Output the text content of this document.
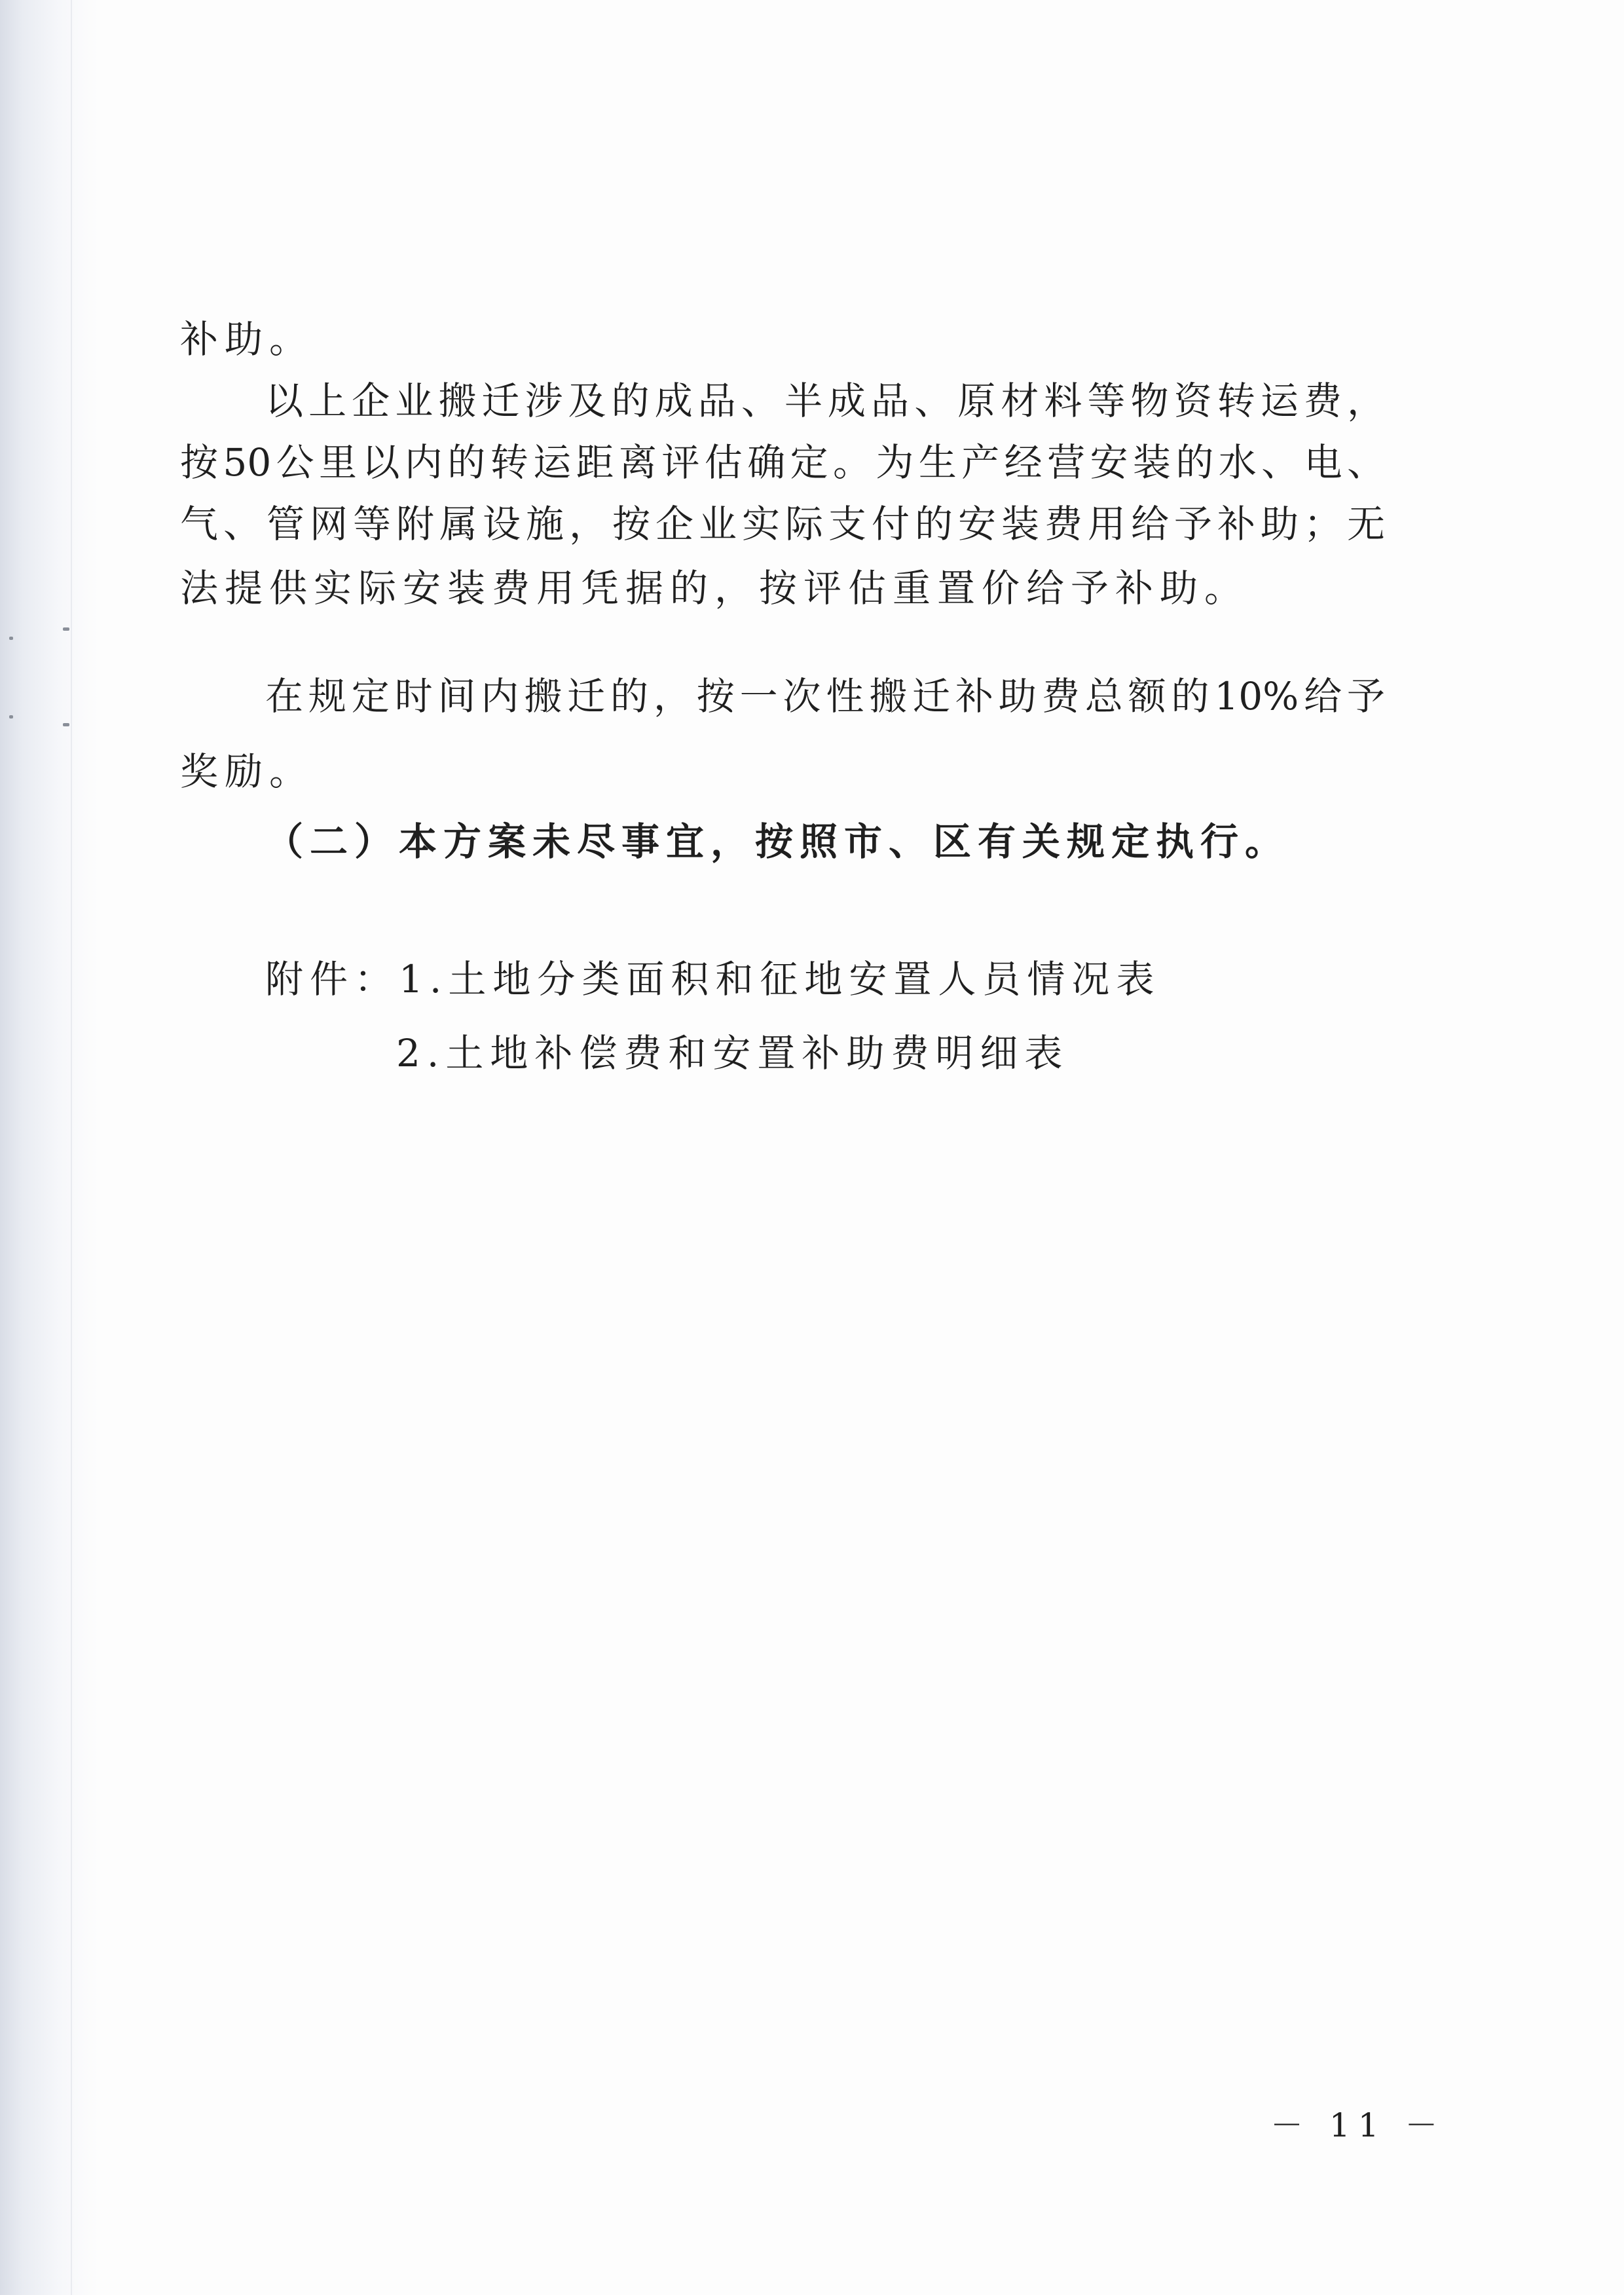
补助。

以上企业搬迁涉及的成品、半成品、原材料等物资转运费，

按50公里以内的转运距离评估确定。为生产经营安装的水、电、

气、管网等附属设施，按企业实际支付的安装费用给予补助；无

法提供实际安装费用凭据的，按评估重置价给予补助。

在规定时间内搬迁的，按一次性搬迁补助费总额的10%给予

奖励。

（二）本方案未尽事宜，按照市、区有关规定执行。

附件：1.土地分类面积和征地安置人员情况表
2.土地补偿费和安置补助费明细表
－ 11 －
